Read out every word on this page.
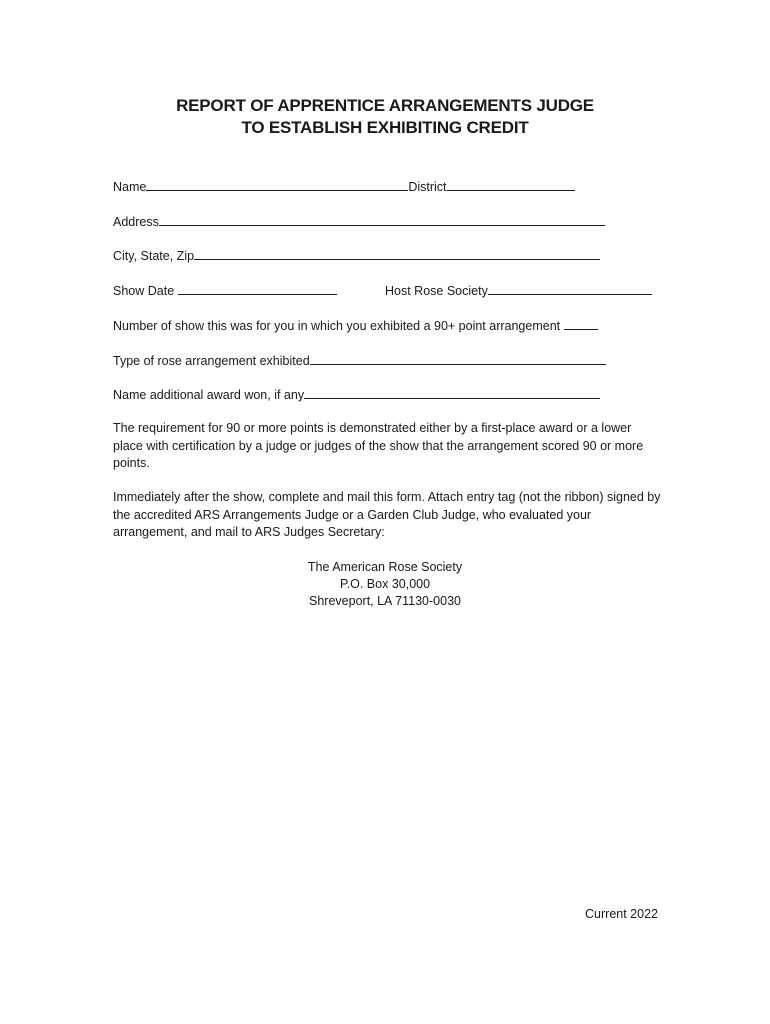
REPORT OF APPRENTICE ARRANGEMENTS JUDGE
TO ESTABLISH EXHIBITING CREDIT
Name	District
Address
City, State, Zip
Show Date	Host Rose Society
Number of show this was for you in which you exhibited a 90+ point arrangement
Type of rose arrangement exhibited
Name additional award won, if any
The requirement for 90 or more points is demonstrated either by a first-place award or a lower place with certification by a judge or judges of the show that the arrangement scored 90 or more points.
Immediately after the show, complete and mail this form. Attach entry tag (not the ribbon) signed by the accredited ARS Arrangements Judge or a Garden Club Judge, who evaluated your arrangement, and mail to ARS Judges Secretary:
The American Rose Society
P.O. Box 30,000
Shreveport, LA 71130-0030
Current 2022
